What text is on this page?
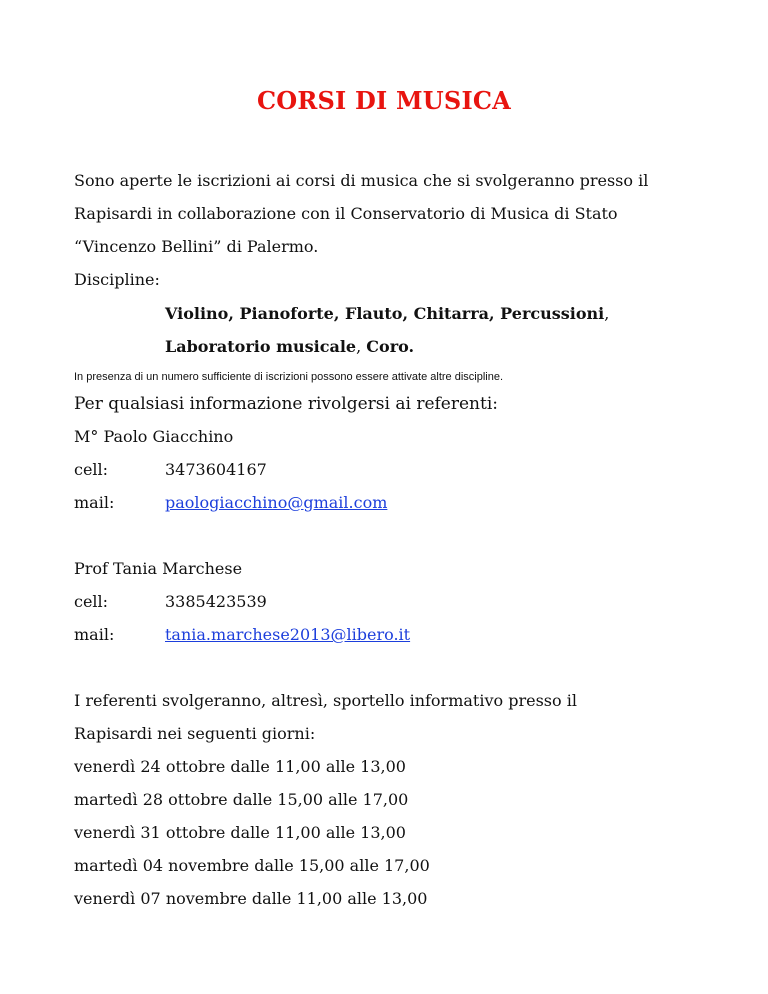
CORSI DI MUSICA
Sono aperte le iscrizioni ai corsi di musica che si svolgeranno presso il
Rapisardi in collaborazione con il Conservatorio di Musica di Stato
“Vincenzo Bellini” di Palermo.
Discipline:
Violino, Pianoforte, Flauto, Chitarra, Percussioni,
Laboratorio musicale, Coro.
In presenza di un numero sufficiente di iscrizioni possono essere attivate altre discipline.
Per qualsiasi informazione rivolgersi ai referenti:
M° Paolo Giacchino
cell:	3473604167
mail:	paologiacchino@gmail.com
Prof Tania Marchese
cell:	3385423539
mail:	tania.marchese2013@libero.it
I referenti svolgeranno, altresì, sportello informativo presso il
Rapisardi nei seguenti giorni:
venerdì 24 ottobre dalle 11,00 alle 13,00
martedì 28 ottobre dalle 15,00 alle 17,00
venerdì 31 ottobre dalle 11,00 alle 13,00
martedì 04 novembre dalle 15,00 alle 17,00
venerdì 07 novembre dalle 11,00 alle 13,00
